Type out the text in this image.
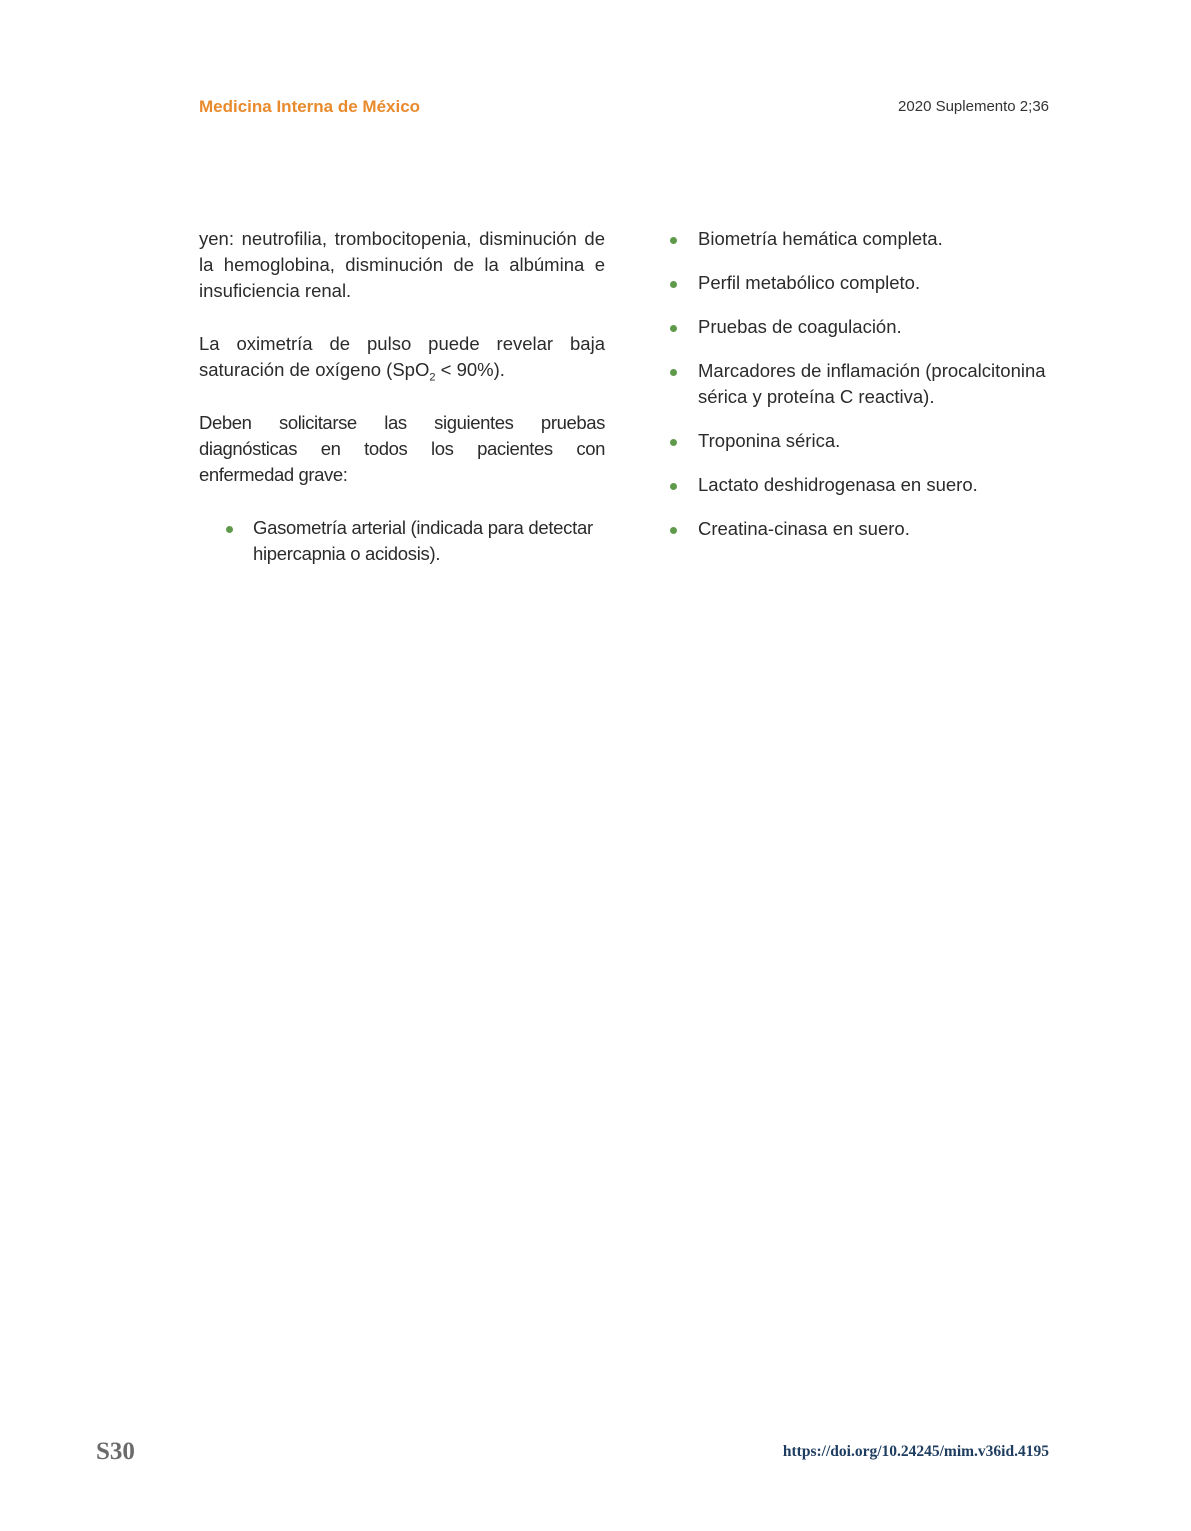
Medicina Interna de México	2020 Suplemento 2;36

yen: neutrofilia, trombocitopenia, disminución de la hemoglobina, disminución de la albúmina e insuficiencia renal.

La oximetría de pulso puede revelar baja saturación de oxígeno (SpO$_2$ < 90%).

Deben solicitarse las siguientes pruebas diagnósticas en todos los pacientes con enfermedad grave:

Gasometría arterial (indicada para detectar hipercapnia o acidosis).
Biometría hemática completa.
Perfil metabólico completo.
Pruebas de coagulación.
Marcadores de inflamación (procalcitonina sérica y proteína C reactiva).
Troponina sérica.
Lactato deshidrogenasa en suero.
Creatina-cinasa en suero.
S30	https://doi.org/10.24245/mim.v36id.4195
